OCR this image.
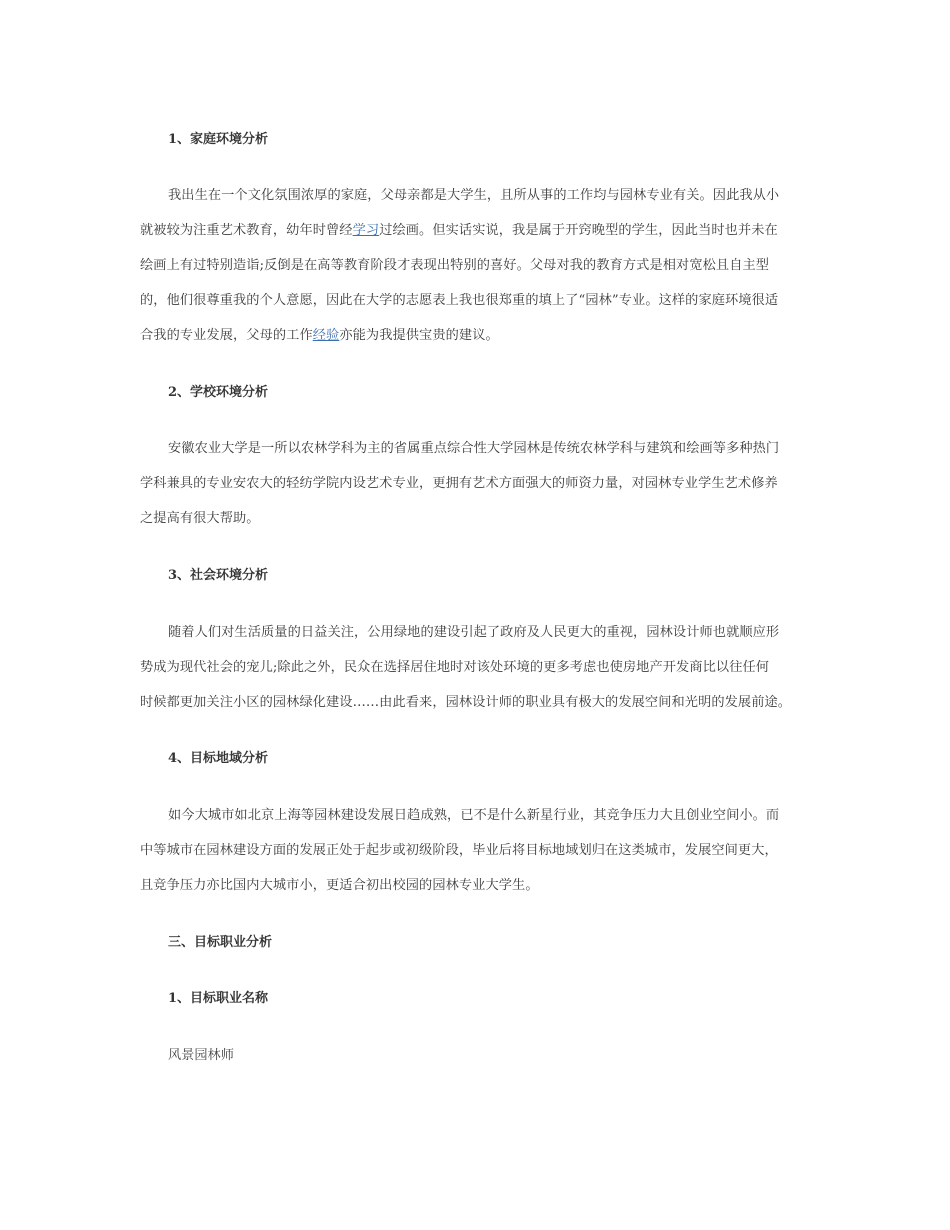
1、家庭环境分析
我出生在一个文化氛围浓厚的家庭，父母亲都是大学生，且所从事的工作均与园林专业有关。因此我从小
就被较为注重艺术教育，幼年时曾经学习过绘画。但实话实说，我是属于开窍晚型的学生，因此当时也并未在
绘画上有过特别造诣;反倒是在高等教育阶段才表现出特别的喜好。父母对我的教育方式是相对宽松且自主型
的，他们很尊重我的个人意愿，因此在大学的志愿表上我也很郑重的填上了“园林”专业。这样的家庭环境很适
合我的专业发展，父母的工作经验亦能为我提供宝贵的建议。
2、学校环境分析
安徽农业大学是一所以农林学科为主的省属重点综合性大学园林是传统农林学科与建筑和绘画等多种热门
学科兼具的专业安农大的轻纺学院内设艺术专业，更拥有艺术方面强大的师资力量，对园林专业学生艺术修养
之提高有很大帮助。
3、社会环境分析
随着人们对生活质量的日益关注，公用绿地的建设引起了政府及人民更大的重视，园林设计师也就顺应形
势成为现代社会的宠儿;除此之外，民众在选择居住地时对该处环境的更多考虑也使房地产开发商比以往任何
时候都更加关注小区的园林绿化建设……由此看来，园林设计师的职业具有极大的发展空间和光明的发展前途。
4、目标地域分析
如今大城市如北京上海等园林建设发展日趋成熟，已不是什么新星行业，其竞争压力大且创业空间小。而
中等城市在园林建设方面的发展正处于起步或初级阶段，毕业后将目标地域划归在这类城市，发展空间更大，
且竞争压力亦比国内大城市小，更适合初出校园的园林专业大学生。
三、目标职业分析
1、目标职业名称
风景园林师
